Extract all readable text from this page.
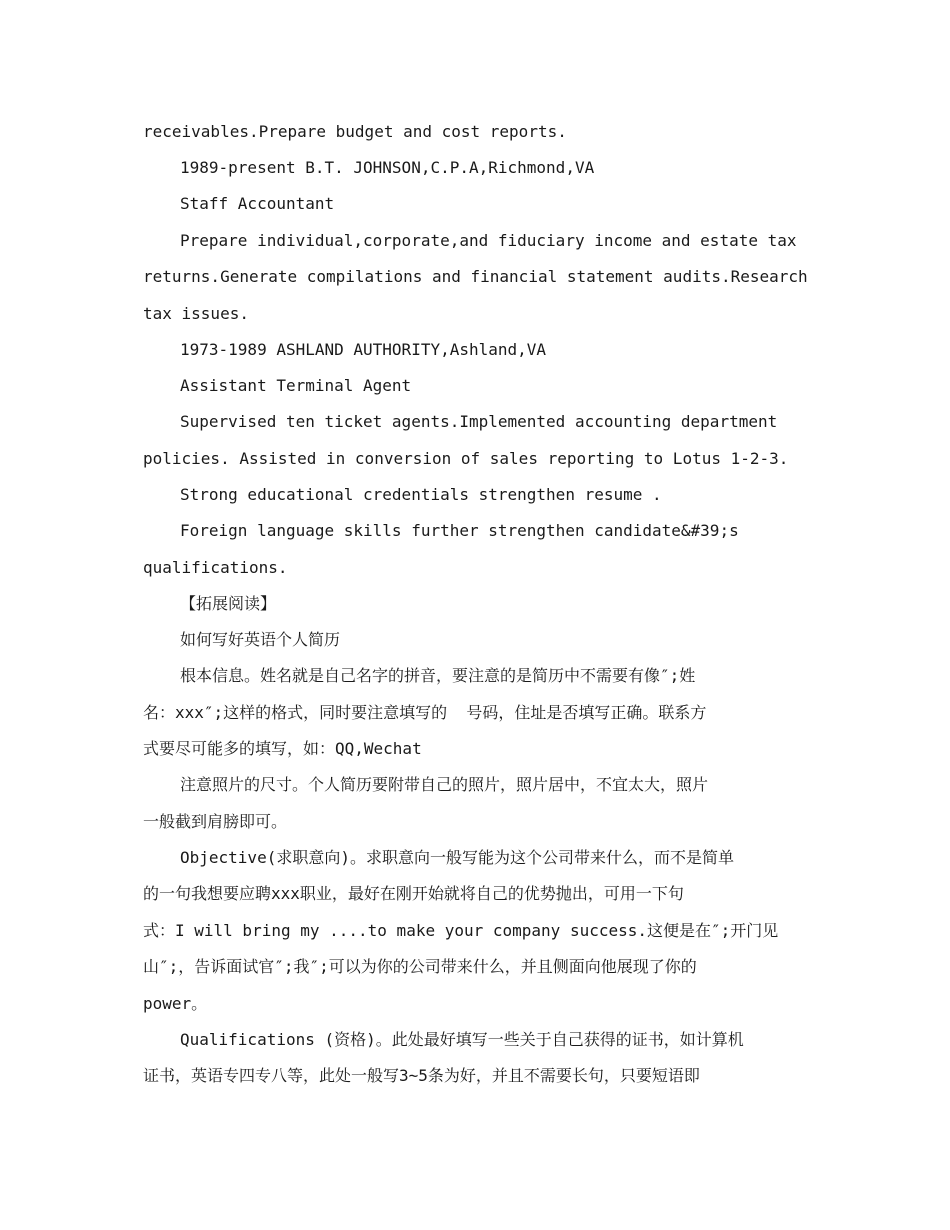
receivables.Prepare budget and cost reports.
1989-present B.T. JOHNSON,C.P.A,Richmond,VA
Staff Accountant
Prepare individual,corporate,and fiduciary income and estate tax
returns.Generate compilations and financial statement audits.Research
tax issues.
1973-1989 ASHLAND AUTHORITY,Ashland,VA
Assistant Terminal Agent
Supervised ten ticket agents.Implemented accounting department
policies. Assisted in conversion of sales reporting to Lotus 1-2-3.
Strong educational credentials strengthen resume .
Foreign language skills further strengthen candidate&#39;s
qualifications.
【拓展阅读】
如何写好英语个人简历
根本信息。姓名就是自己名字的拼音，要注意的是简历中不需要有像″;姓
名：xxx″;这样的格式，同时要注意填写的  号码，住址是否填写正确。联系方
式要尽可能多的填写，如：QQ,Wechat
注意照片的尺寸。个人简历要附带自己的照片，照片居中，不宜太大，照片
一般截到肩膀即可。
Objective(求职意向)。求职意向一般写能为这个公司带来什么，而不是简单
的一句我想要应聘xxx职业，最好在刚开始就将自己的优势抛出，可用一下句
式：I will bring my ....to make your company success.这便是在″;开门见
山″;，告诉面试官″;我″;可以为你的公司带来什么，并且侧面向他展现了你的
power。
Qualifications (资格)。此处最好填写一些关于自己获得的证书，如计算机
证书，英语专四专八等，此处一般写3~5条为好，并且不需要长句，只要短语即
